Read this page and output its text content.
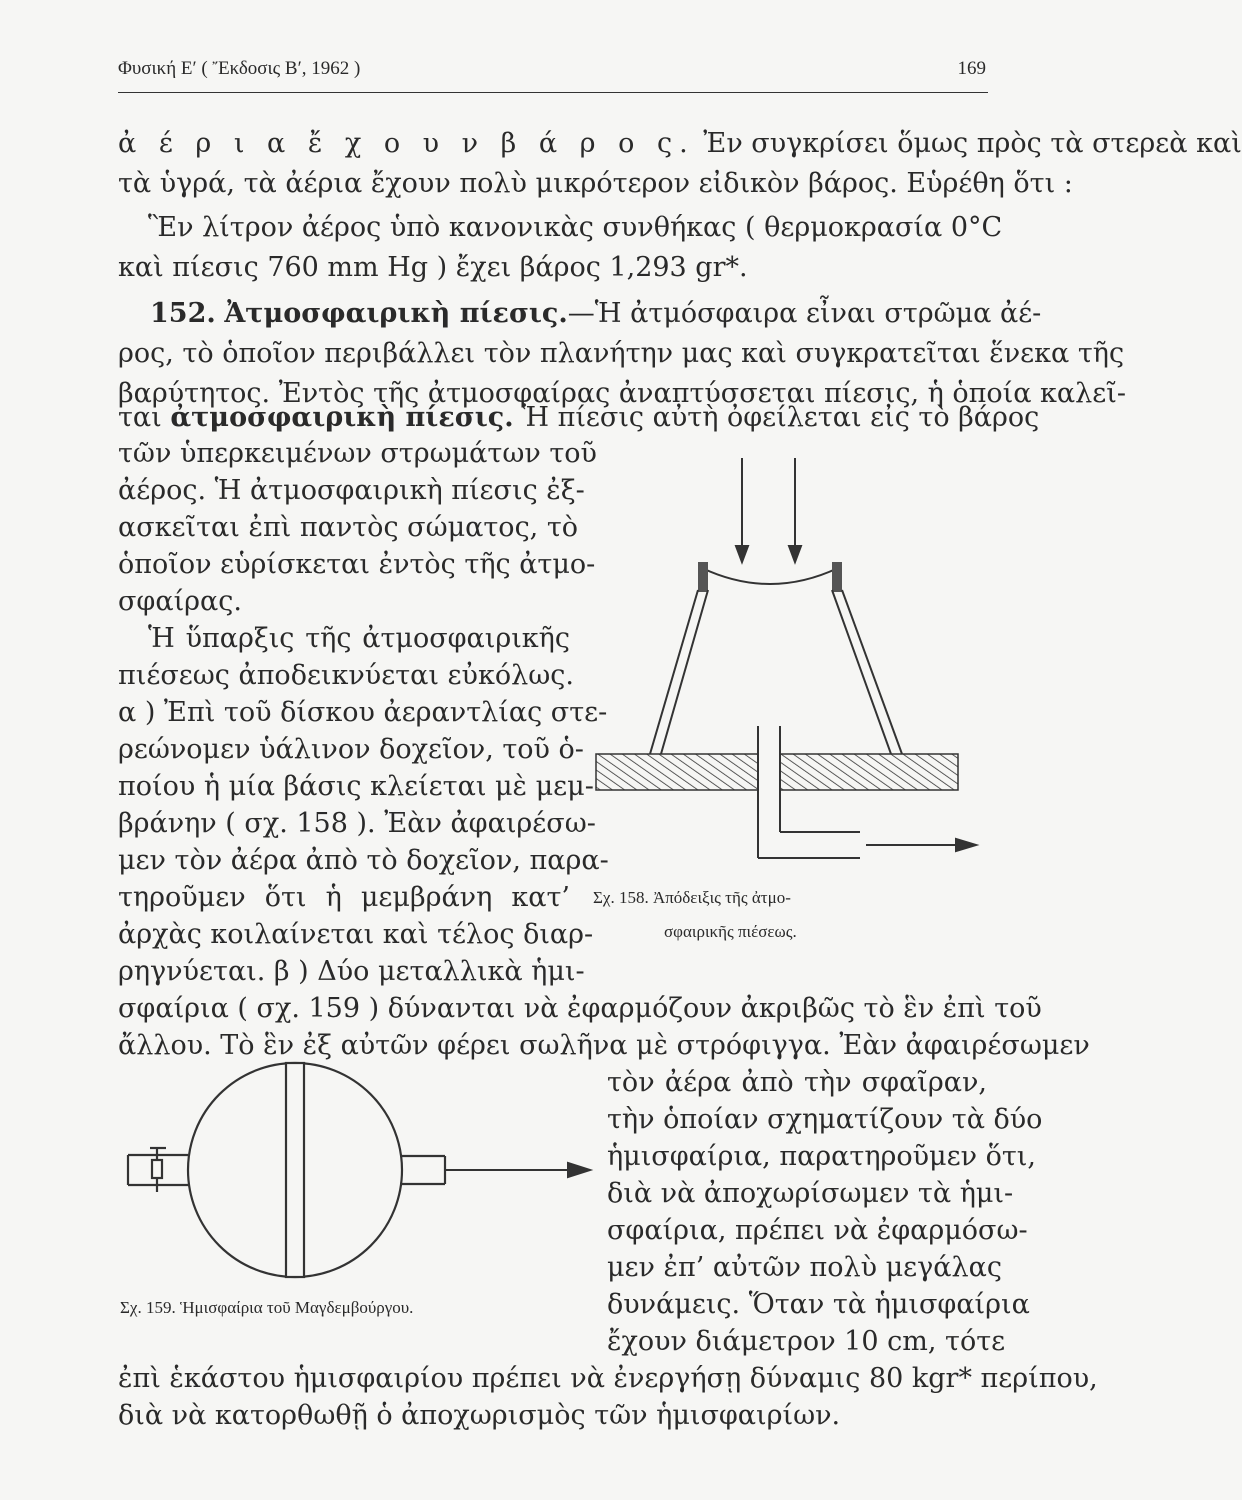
Φυσική Ε′ ( Ἔκδοσις Β′, 1962 )	169
ἀ έ ρ ι α ἔ χ ο υ ν β ά ρ ο ς. Ἐν συγκρίσει ὅμως πρὸς τὰ στερεὰ καὶ
τὰ ὑγρά, τὰ ἀέρια ἔχουν πολὺ μικρότερον εἰδικὸν βάρος. Εὑρέθη ὅτι :
Ἓν λίτρον ἀέρος ὑπὸ κανονικὰς συνθήκας ( θερμοκρασία 0°C
καὶ πίεσις 760 mm Hg ) ἔχει βάρος 1,293 gr*.
152. Ἀτμοσφαιρικὴ πίεσις.—Ἡ ἀτμόσφαιρα εἶναι στρῶμα ἀέ-
ρος, τὸ ὁποῖον περιβάλλει τὸν πλανήτην μας καὶ συγκρατεῖται ἕνεκα τῆς
βαρύτητος. Ἐντὸς τῆς ἀτμοσφαίρας ἀναπτύσσεται πίεσις, ἡ ὁποία καλεῖ-
ται ἀτμοσφαιρικὴ πίεσις. Ἡ πίεσις αὐτὴ ὀφείλεται εἰς τὸ βάρος
τῶν ὑπερκειμένων στρωμάτων τοῦ
ἀέρος. Ἡ ἀτμοσφαιρικὴ πίεσις ἐξ-
ασκεῖται ἐπὶ παντὸς σώματος, τὸ
ὁποῖον εὑρίσκεται ἐντὸς τῆς ἀτμο-
σφαίρας.
Ἡ ὕπαρξις τῆς ἀτμοσφαιρικῆς
πιέσεως ἀποδεικνύεται εὐκόλως.
α ) Ἐπὶ τοῦ δίσκου ἀεραντλίας στε-
ρεώνομεν ὑάλινον δοχεῖον, τοῦ ὁ-
ποίου ἡ μία βάσις κλείεται μὲ μεμ-
βράνην ( σχ. 158 ). Ἐὰν ἀφαιρέσω-
μεν τὸν ἀέρα ἀπὸ τὸ δοχεῖον, παρα-
τηροῦμεν ὅτι ἡ μεμβράνη κατ’
ἀρχὰς κοιλαίνεται καὶ τέλος διαρ-
ρηγνύεται. β ) Δύο μεταλλικὰ ἡμι-
σφαίρια ( σχ. 159 ) δύνανται νὰ ἐφαρμόζουν ἀκριβῶς τὸ ἓν ἐπὶ τοῦ
ἄλλου. Τὸ ἓν ἐξ αὐτῶν φέρει σωλῆνα μὲ στρόφιγγα. Ἐὰν ἀφαιρέσωμεν
τὸν ἀέρα ἀπὸ τὴν σφαῖραν,
τὴν ὁποίαν σχηματίζουν τὰ δύο
ἡμισφαίρια, παρατηροῦμεν ὅτι,
διὰ νὰ ἀποχωρίσωμεν τὰ ἡμι-
σφαίρια, πρέπει νὰ ἐφαρμόσω-
μεν ἐπ’ αὐτῶν πολὺ μεγάλας
δυνάμεις. Ὅταν τὰ ἡμισφαίρια
ἔχουν διάμετρον 10 cm, τότε
ἐπὶ ἑκάστου ἡμισφαιρίου πρέπει νὰ ἐνεργήσῃ δύναμις 80 kgr* περίπου,
διὰ νὰ κατορθωθῇ ὁ ἀποχωρισμὸς τῶν ἡμισφαιρίων.
Σχ. 158. Ἀπόδειξις τῆς ἀτμο-
σφαιρικῆς πιέσεως.
Σχ. 159. Ἡμισφαίρια τοῦ Μαγδεμβούργου.
